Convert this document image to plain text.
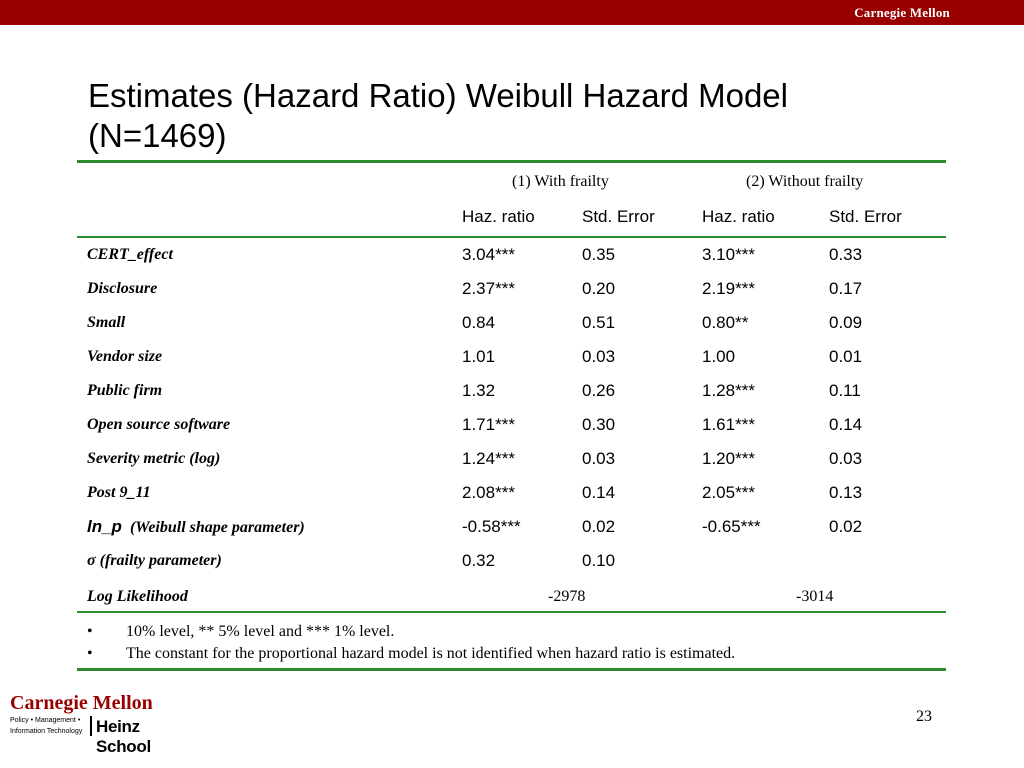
Carnegie Mellon
Estimates (Hazard Ratio) Weibull Hazard Model
(N=1469)
(1) With frailty	(2) Without frailty
Haz. ratio	Std. Error	Haz. ratio	Std. Error
CERT_effect	3.04***	0.35	3.10***	0.33
Disclosure	2.37***	0.20	2.19***	0.17
Small	0.84	0.51	0.80**	0.09
Vendor size	1.01	0.03	1.00	0.01
Public firm	1.32	0.26	1.28***	0.11
Open source software	1.71***	0.30	1.61***	0.14
Severity metric (log)	1.24***	0.03	1.20***	0.03
Post 9_11	2.08***	0.14	2.05***	0.13
ln_p (Weibull shape parameter)	-0.58***	0.02	-0.65***	0.02
σ (frailty parameter)	0.32	0.10
Log Likelihood	-2978	-3014
• 10% level, ** 5% level and *** 1% level.
• The constant for the proportional hazard model is not identified when hazard ratio is estimated.
Carnegie Mellon
Policy • Management •
Information Technology Heinz School
23
